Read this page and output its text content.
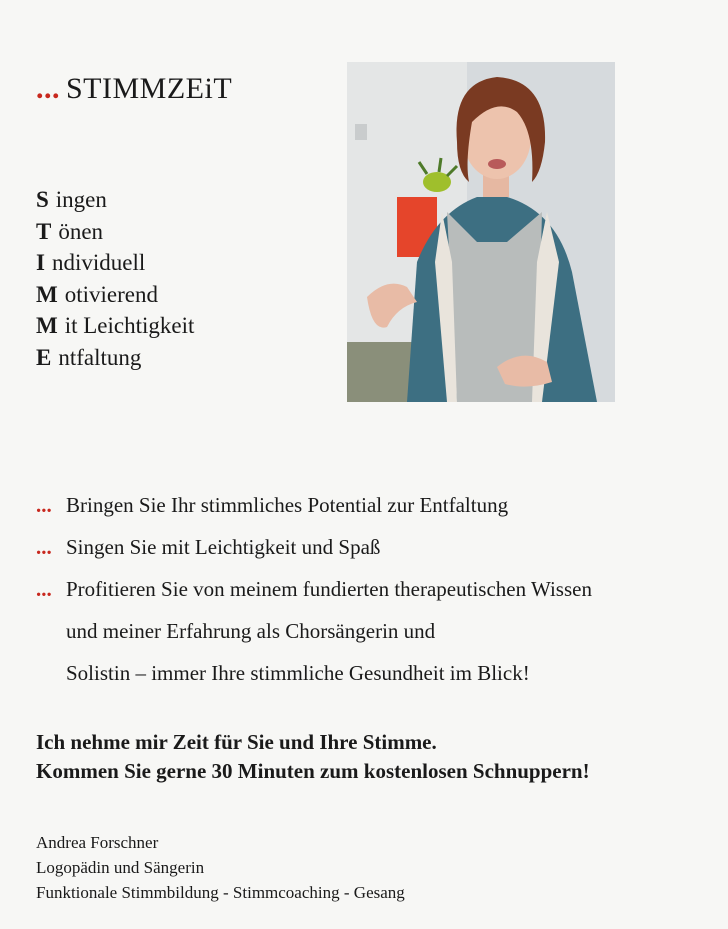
... STIMMZEiT
S ingen
T önen
I ndividuell
M otivierend
M it Leichtigkeit
E ntfaltung
... Bringen Sie Ihr stimmliches Potential zur Entfaltung
... Singen Sie mit Leichtigkeit und Spaß
... Profitieren Sie von meinem fundierten therapeutischen Wissen
und meiner Erfahrung als Chorsängerin und
Solistin – immer Ihre stimmliche Gesundheit im Blick!
Ich nehme mir Zeit für Sie und Ihre Stimme.
Kommen Sie gerne 30 Minuten zum kostenlosen Schnuppern!
Andrea Forschner
Logopädin und Sängerin
Funktionale Stimmbildung - Stimmcoaching - Gesang
